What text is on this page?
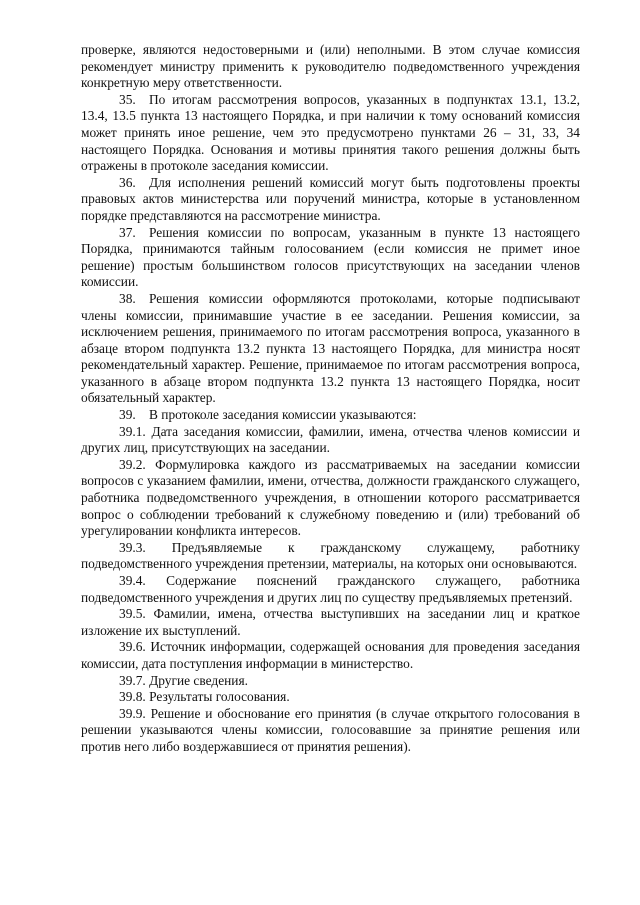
проверке, являются недостоверными и (или) неполными. В этом случае комиссия рекомендует министру применить к руководителю подведомственного учреждения конкретную меру ответственности.

35. По итогам рассмотрения вопросов, указанных в подпунктах 13.1, 13.2, 13.4, 13.5 пункта 13 настоящего Порядка, и при наличии к тому оснований комиссия может принять иное решение, чем это предусмотрено пунктами 26 – 31, 33, 34 настоящего Порядка. Основания и мотивы принятия такого решения должны быть отражены в протоколе заседания комиссии.

36. Для исполнения решений комиссий могут быть подготовлены проекты правовых актов министерства или поручений министра, которые в установленном порядке представляются на рассмотрение министра.

37. Решения комиссии по вопросам, указанным в пункте 13 настоящего Порядка, принимаются тайным голосованием (если комиссия не примет иное решение) простым большинством голосов присутствующих на заседании членов комиссии.

38. Решения комиссии оформляются протоколами, которые подписывают члены комиссии, принимавшие участие в ее заседании. Решения комиссии, за исключением решения, принимаемого по итогам рассмотрения вопроса, указанного в абзаце втором подпункта 13.2 пункта 13 настоящего Порядка, для министра носят рекомендательный характер. Решение, принимаемое по итогам рассмотрения вопроса, указанного в абзаце втором подпункта 13.2 пункта 13 настоящего Порядка, носит обязательный характер.

39. В протоколе заседания комиссии указываются:

39.1. Дата заседания комиссии, фамилии, имена, отчества членов комиссии и других лиц, присутствующих на заседании.

39.2. Формулировка каждого из рассматриваемых на заседании комиссии вопросов с указанием фамилии, имени, отчества, должности гражданского служащего, работника подведомственного учреждения, в отношении которого рассматривается вопрос о соблюдении требований к служебному поведению и (или) требований об урегулировании конфликта интересов.

39.3. Предъявляемые к гражданскому служащему, работнику подведомственного учреждения претензии, материалы, на которых они основываются.

39.4. Содержание пояснений гражданского служащего, работника подведомственного учреждения и других лиц по существу предъявляемых претензий.

39.5. Фамилии, имена, отчества выступивших на заседании лиц и краткое изложение их выступлений.

39.6. Источник информации, содержащей основания для проведения заседания комиссии, дата поступления информации в министерство.

39.7. Другие сведения.

39.8. Результаты голосования.

39.9. Решение и обоснование его принятия (в случае открытого голосования в решении указываются члены комиссии, голосовавшие за принятие решения или против него либо воздержавшиеся от принятия решения).
